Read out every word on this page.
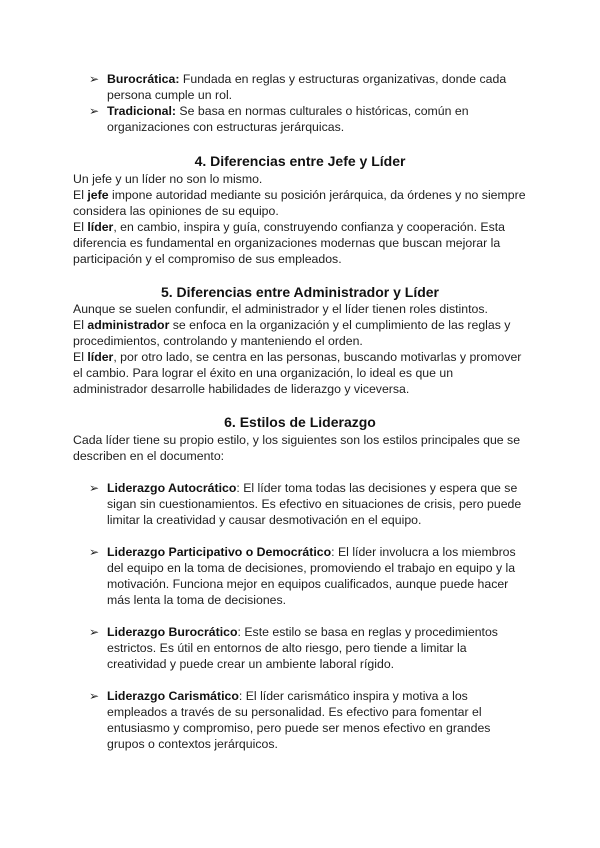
➢ Burocrática: Fundada en reglas y estructuras organizativas, donde cada persona cumple un rol.
➢ Tradicional: Se basa en normas culturales o históricas, común en organizaciones con estructuras jerárquicas.
4. Diferencias entre Jefe y Líder

Un jefe y un líder no son lo mismo.

El jefe impone autoridad mediante su posición jerárquica, da órdenes y no siempre considera las opiniones de su equipo.

El líder, en cambio, inspira y guía, construyendo confianza y cooperación. Esta diferencia es fundamental en organizaciones modernas que buscan mejorar la participación y el compromiso de sus empleados.

5. Diferencias entre Administrador y Líder

Aunque se suelen confundir, el administrador y el líder tienen roles distintos.

El administrador se enfoca en la organización y el cumplimiento de las reglas y procedimientos, controlando y manteniendo el orden.

El líder, por otro lado, se centra en las personas, buscando motivarlas y promover el cambio. Para lograr el éxito en una organización, lo ideal es que un administrador desarrolle habilidades de liderazgo y viceversa.

6. Estilos de Liderazgo

Cada líder tiene su propio estilo, y los siguientes son los estilos principales que se describen en el documento:

➢ Liderazgo Autocrático: El líder toma todas las decisiones y espera que se sigan sin cuestionamientos. Es efectivo en situaciones de crisis, pero puede limitar la creatividad y causar desmotivación en el equipo.
➢ Liderazgo Participativo o Democrático: El líder involucra a los miembros del equipo en la toma de decisiones, promoviendo el trabajo en equipo y la motivación. Funciona mejor en equipos cualificados, aunque puede hacer más lenta la toma de decisiones.
➢ Liderazgo Burocrático: Este estilo se basa en reglas y procedimientos estrictos. Es útil en entornos de alto riesgo, pero tiende a limitar la creatividad y puede crear un ambiente laboral rígido.
➢ Liderazgo Carismático: El líder carismático inspira y motiva a los empleados a través de su personalidad. Es efectivo para fomentar el entusiasmo y compromiso, pero puede ser menos efectivo en grandes grupos o contextos jerárquicos.
